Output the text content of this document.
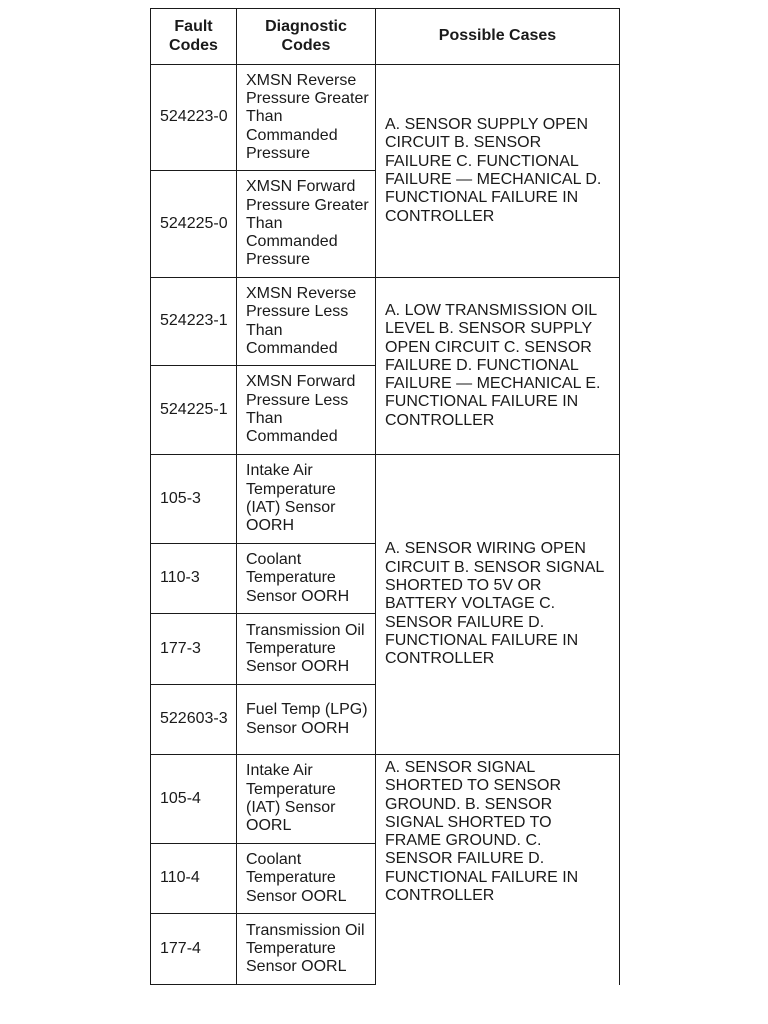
Fault Codes	Diagnostic Codes	Possible Cases
524223-0	XMSN Reverse Pressure Greater Than Commanded Pressure	A. SENSOR SUPPLY OPEN CIRCUIT B. SENSOR FAILURE C. FUNCTIONAL FAILURE — MECHANICAL D. FUNCTIONAL FAILURE IN CONTROLLER
524225-0	XMSN Forward Pressure Greater Than Commanded Pressure	
524223-1	XMSN Reverse Pressure Less Than Commanded	A. LOW TRANSMISSION OIL LEVEL B. SENSOR SUPPLY OPEN CIRCUIT C. SENSOR FAILURE D. FUNCTIONAL FAILURE — MECHANICAL E. FUNCTIONAL FAILURE IN CONTROLLER
524225-1	XMSN Forward Pressure Less Than Commanded	
105-3	Intake Air Temperature (IAT) Sensor OORH	A. SENSOR WIRING OPEN CIRCUIT B. SENSOR SIGNAL SHORTED TO 5V OR BATTERY VOLTAGE C. SENSOR FAILURE D. FUNCTIONAL FAILURE IN CONTROLLER
110-3	Coolant Temperature Sensor OORH	
177-3	Transmission Oil Temperature Sensor OORH	
522603-3	Fuel Temp (LPG) Sensor OORH	
105-4	Intake Air Temperature (IAT) Sensor OORL	A. SENSOR SIGNAL SHORTED TO SENSOR GROUND. B. SENSOR SIGNAL SHORTED TO FRAME GROUND. C. SENSOR FAILURE D. FUNCTIONAL FAILURE IN CONTROLLER
110-4	Coolant Temperature Sensor OORL	
177-4	Transmission Oil Temperature Sensor OORL	
